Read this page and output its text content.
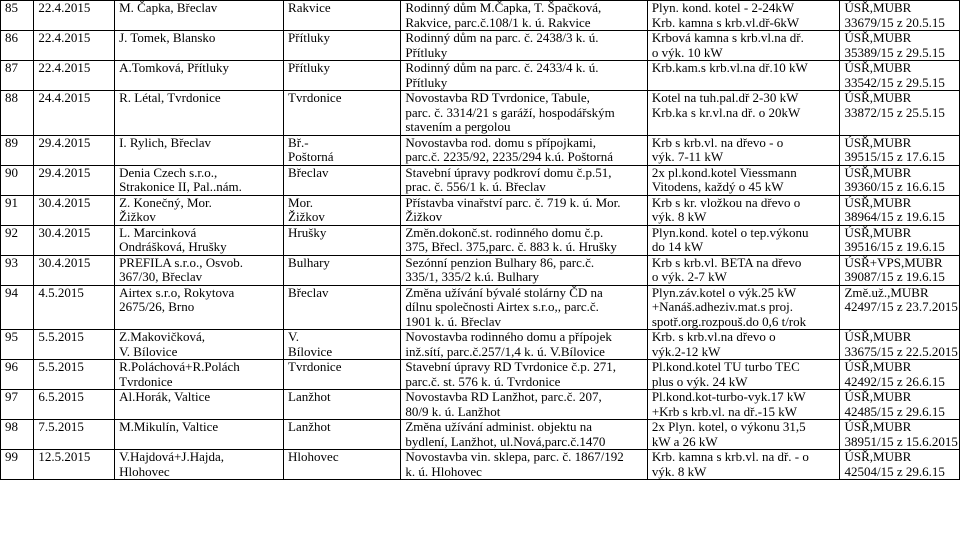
85	22.4.2015	M. Čapka, Břeclav	Rakvice	Rodinný dům M.Čapka, T. Špačková,
Rakvice, parc.č.108/1 k. ú. Rakvice	Plyn. kond. kotel - 2-24kW
Krb. kamna s krb.vl.dř-6kW	ÚSŘ,MUBR
33679/15 z 20.5.15

86	22.4.2015	J. Tomek, Blansko	Přítluky	Rodinný dům na parc. č. 2438/3 k. ú.
Přítluky	Krbová kamna s krb.vl.na dř.
o výk. 10 kW	ÚSŘ,MUBR
35389/15 z 29.5.15

87	22.4.2015	A.Tomková, Přítluky	Přítluky	Rodinný dům na parc. č. 2433/4 k. ú.
Přítluky	Krb.kam.s krb.vl.na dř.10 kW	ÚSŘ,MUBR
33542/15 z 29.5.15

88	24.4.2015	R. Létal, Tvrdonice	Tvrdonice	Novostavba RD Tvrdonice, Tabule,
parc. č. 3314/21 s garáží, hospodářským
stavením a pergolou	Kotel na tuh.pal.dř 2-30 kW
Krb.ka s kr.vl.na dř. o 20kW	ÚSŘ,MUBR
33872/15 z 25.5.15

89	29.4.2015	I. Rylich, Břeclav	Bř.-
Poštorná	Novostavba rod. domu s přípojkami,
parc.č. 2235/92, 2235/294 k.ú. Poštorná	Krb s krb.vl. na dřevo - o
výk. 7-11 kW	ÚSŘ,MUBR
39515/15 z 17.6.15

90	29.4.2015	Denia Czech s.r.o.,
Strakonice II, Pal..nám.	Břeclav	Stavební úpravy podkroví domu č.p.51,
prac. č. 556/1 k. ú. Břeclav	2x pl.kond.kotel Viessmann
Vitodens, každý o 45 kW	ÚSŘ,MUBR
39360/15 z 16.6.15

91	30.4.2015	Z. Konečný, Mor.
Žižkov	Mor.
Žižkov	Přístavba vinařství parc. č. 719 k. ú. Mor.
Žižkov	Krb s kr. vložkou na dřevo o
výk. 8 kW	ÚSŘ,MUBR
38964/15 z 19.6.15

92	30.4.2015	L. Marcinková
Ondrášková, Hrušky	Hrušky	Změn.dokonč.st. rodinného domu č.p.
375, Břecl. 375,parc. č. 883 k. ú. Hrušky	Plyn.kond. kotel o tep.výkonu
do 14 kW	ÚSŘ,MUBR
39516/15 z 19.6.15

93	30.4.2015	PREFILA s.r.o., Osvob.
367/30, Břeclav	Bulhary	Sezónní penzion Bulhary 86, parc.č.
335/1, 335/2 k.ú. Bulhary	Krb s krb.vl. BETA na dřevo
o výk. 2-7 kW	ÚSŘ+VPS,MUBR
39087/15 z 19.6.15

94	4.5.2015	Airtex s.r.o, Rokytova
2675/26, Brno	Břeclav	Změna užívání bývalé stolárny ČD na
dílnu společnosti Airtex s.r.o,, parc.č.
1901 k. ú. Břeclav	Plyn.záv.kotel o výk.25 kW
+Nanáš.adheziv.mat.s proj.
spotř.org.rozpouš.do 0,6 t/rok	Změ.už.,MUBR
42497/15 z 23.7.2015

95	5.5.2015	Z.Makovičková,
V. Bílovice	V.
Bílovice	Novostavba rodinného domu a přípojek
inž.sítí, parc.č.257/1,4 k. ú. V.Bílovice	Krb. s krb.vl.na dřevo o
výk.2-12 kW	ÚSŘ,MUBR
33675/15 z 22.5.2015

96	5.5.2015	R.Poláchová+R.Polách
Tvrdonice	Tvrdonice	Stavební úpravy RD Tvrdonice č.p. 271,
parc.č. st. 576 k. ú. Tvrdonice	Pl.kond.kotel TU turbo TEC
plus o výk. 24 kW	ÚSŘ,MUBR
42492/15 z 26.6.15

97	6.5.2015	Al.Horák, Valtice	Lanžhot	Novostavba RD Lanžhot, parc.č. 207,
80/9 k. ú. Lanžhot	Pl.kond.kot-turbo-vyk.17 kW
+Krb s krb.vl. na dř.-15 kW	ÚSŘ,MUBR
42485/15 z 29.6.15

98	7.5.2015	M.Mikulín, Valtice	Lanžhot	Změna užívání administ. objektu na
bydlení, Lanžhot, ul.Nová,parc.č.1470	2x Plyn. kotel, o výkonu 31,5
kW a 26 kW	ÚSŘ,MUBR
38951/15 z 15.6.2015

99	12.5.2015	V.Hajdová+J.Hajda,
Hlohovec	Hlohovec	Novostavba vin. sklepa, parc. č. 1867/192
k. ú. Hlohovec	Krb. kamna s krb.vl. na dř. - o
výk. 8 kW	ÚSŘ,MUBR
42504/15 z 29.6.15
